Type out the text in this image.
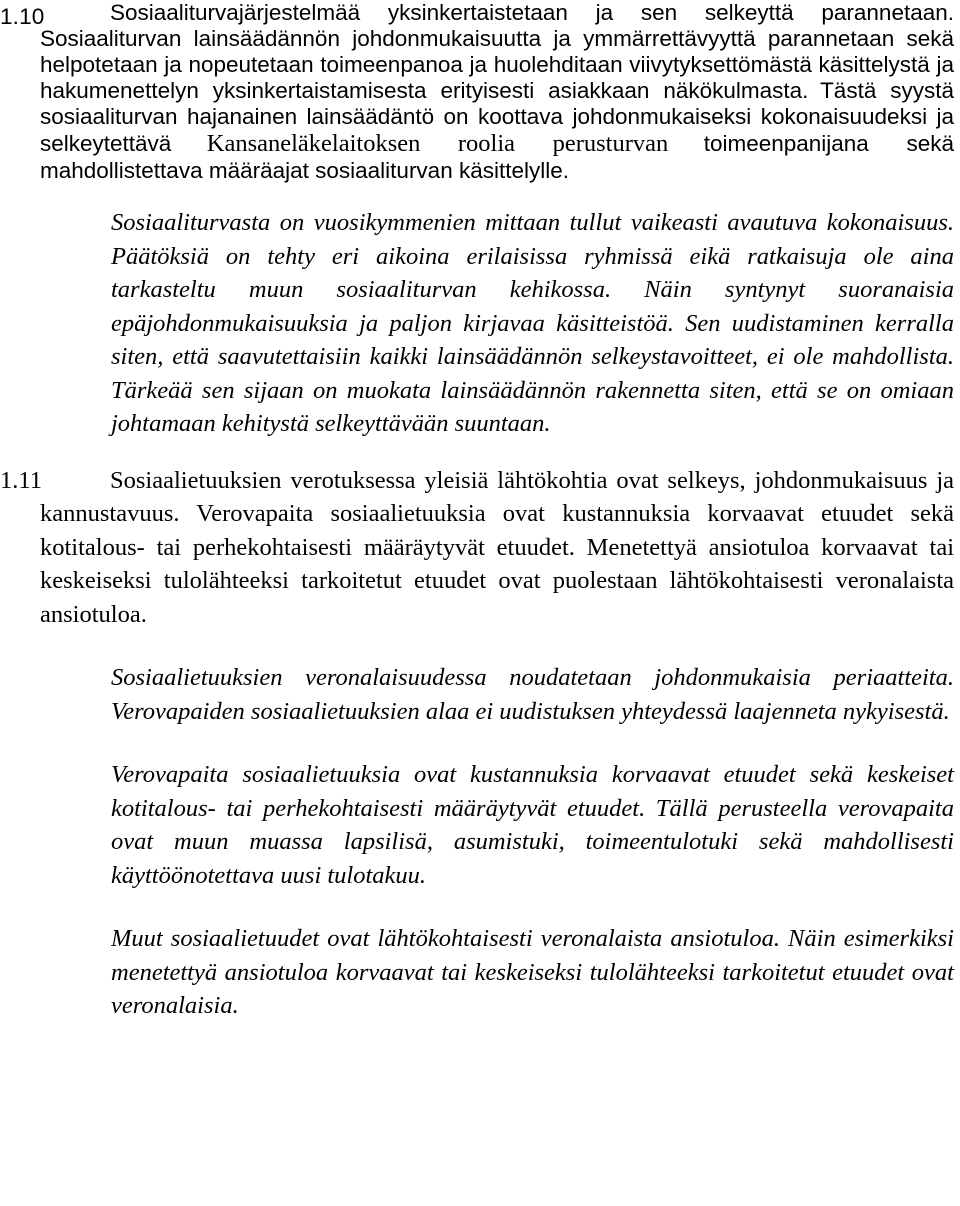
1.10	Sosiaaliturvajärjestelmää yksinkertaistetaan ja sen selkeyttä parannetaan. Sosiaaliturvan lainsäädännön johdonmukaisuutta ja ymmärrettävyyttä parannetaan sekä helpotetaan ja nopeutetaan toimeenpanoa ja huolehditaan viivytyksettömästä käsittelystä ja hakumenettelyn yksinkertaistamisesta erityisesti asiakkaan näkökulmasta. Tästä syystä sosiaaliturvan hajanainen lainsäädäntö on koottava johdonmukaiseksi kokonaisuudeksi ja selkeytettävä Kansaneläkelaitoksen roolia perusturvan toimeenpanijana sekä mahdollistettava määräajat sosiaaliturvan käsittelylle.
Sosiaaliturvasta on vuosikymmenien mittaan tullut vaikeasti avautuva kokonaisuus. Päätöksiä on tehty eri aikoina erilaisissa ryhmissä eikä ratkaisuja ole aina tarkasteltu muun sosiaaliturvan kehikossa. Näin syntynyt suoranaisia epäjohdonmukaisuuksia ja paljon kirjavaa käsitteistöä. Sen uudistaminen kerralla siten, että saavutettaisiin kaikki lainsäädännön selkeystavoitteet, ei ole mahdollista. Tärkeää sen sijaan on muokata lainsäädännön rakennetta siten, että se on omiaan johtamaan kehitystä selkeyttävään suuntaan.
1.11	Sosiaalietuuksien verotuksessa yleisiä lähtökohtia ovat selkeys, johdonmukaisuus ja kannustavuus. Verovapaita sosiaalietuuksia ovat kustannuksia korvaavat etuudet sekä kotitalous- tai perhekohtaisesti määräytyvät etuudet. Menetettyä ansiotuloa korvaavat tai keskeiseksi tulolähteeksi tarkoitetut etuudet ovat puolestaan lähtökohtaisesti veronalaista ansiotuloa.
Sosiaalietuuksien veronalaisuudessa noudatetaan johdonmukaisia periaatteita. Verovapaiden sosiaalietuuksien alaa ei uudistuksen yhteydessä laajenneta nykyisestä.
Verovapaita sosiaalietuuksia ovat kustannuksia korvaavat etuudet sekä keskeiset kotitalous- tai perhekohtaisesti määräytyvät etuudet. Tällä perusteella verovapaita ovat muun muassa lapsilisä, asumistuki, toimeentulotuki sekä mahdollisesti käyttöönotettava uusi tulotakuu.
Muut sosiaalietuudet ovat lähtökohtaisesti veronalaista ansiotuloa. Näin esimerkiksi menetettyä ansiotuloa korvaavat tai keskeiseksi tulolähteeksi tarkoitetut etuudet ovat veronalaisia.
